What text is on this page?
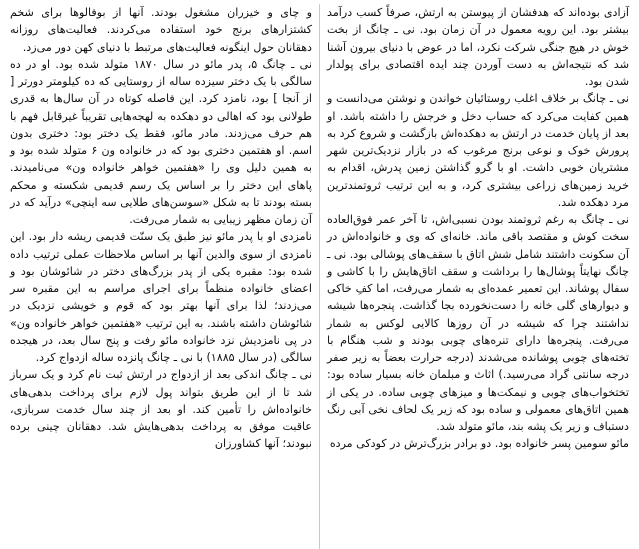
آزادی بوده‌اند که هدفشان از پیوستن به ارتش، صرفاً کسب درآمد بیشتر بود. این رویه معمول در آن زمان بود. نی ـ چانگ از بخت خوش در هیچ جنگی شرکت نکرد، اما در عوض با دنیای بیرون آشنا شد که نتیجه‌اش به دست آوردن چند ایده اقتصادی برای پولدار شدن بود.

نی ـ چانگ بر خلاف اغلب روستائیان خواندن و نوشتن می‌دانست و همین کفایت می‌کرد که حساب دخل و خرجش را داشته باشد. او بعد از پایان خدمت در ارتش به دهکده‌اش بازگشت و شروع کرد به پرورش خوک و نوعی برنج مرغوب که در بازار نزدیک‌ترین شهر مشتریان خوبی داشت. او با گرو گذاشتن زمین پدرش، اقدام به خرید زمین‌های زراعی بیشتری کرد، و به این ترتیب ثروتمندترین مرد دهکده شد.

نی ـ چانگ به رغم ثروتمند بودن نسبی‌اش، تا آخر عمر فوق‌العاده سخت کوش و مقتصد باقی ماند. خانه‌ای که وی و خانواده‌اش در آن سکونت داشتند شامل شش اتاق با سقف‌های پوشالی بود. نی ـ چانگ نهایتاً پوشال‌ها را برداشت و سقف اتاق‌هایش را با کاشی و سفال پوشاند. این تعمیر عمده‌ای به شمار می‌رفت، اما کفِ خاکی و دیوارهای گلی خانه را دست‌نخورده بجا گذاشت. پنجره‌ها شیشه نداشتند چرا که شیشه در آن روزها کالایی لوکس به شمار می‌رفت. پنجره‌ها دارای تنره‌های چوبی بودند و شب هنگام با تخته‌های چوبی پوشانده می‌شدند (درجه حرارت بعضاً به زیر صفر درجه سانتی گراد می‌رسید.) اثاث و مبلمان خانه بسیار ساده بود: تختخواب‌های چوبی و نیمکت‌ها و میزهای چوبی ساده. در یکی از همین اتاق‌های معمولی و ساده بود که زیر یک لحاف نخی آبی رنگ دستباف و زیر یک پشه بند، مائو متولد شد.

مائو سومین پسر خانواده بود. دو برادر بزرگ‌ترش در کودکی مرده

و چای و خیزران مشغول بودند. آنها از بوفالوها برای شخم کشتزارهای برنج خود استفاده می‌کردند. فعالیت‌های روزانه دهقانان حول اینگونه فعالیت‌های مرتبط با دنیای کهن دور می‌زد.

نی ـ چانگ ۵، پدر مائو در سال ۱۸۷۰ متولد شده بود. او در ده سالگی با یک دختر سیزده ساله از روستایی که ده کیلومتر دورتر [ از آنجا ] بود، نامزد کرد. این فاصله کوتاه در آن سال‌ها به قدری طولانی بود که اهالی دو دهکده به لهجه‌هایی تقریباً غیرقابل فهم با هم حرف می‌زدند. مادر مائو، فقط یک دختر بود: دختری بدون اسم. او هفتمین دختری بود که در خانواده ون ۶ متولد شده بود و به همین دلیل وی را «هفتمین خواهر خانواده ون» می‌نامیدند. پاهای این دختر را بر اساس یک رسم قدیمی شکسته و محکم بسته بودند تا به شکل «سوسن‌های طلایی سه اینچی» درآید که در آن زمان مظهر زیبایی به شمار می‌رفت.

نامزدی او با پدر مائو نیز طبق یک سنّت قدیمی ریشه دار بود. این نامزدی از سوی والدین آنها بر اساس ملاحظات عملی ترتیب داده شده بود: مقبره یکی از پدر بزرگ‌های دختر در شائوشان بود و اعضای خانواده منظماً برای اجرای مراسم به این مقبره سر می‌زدند؛ لذا برای آنها بهتر بود که قوم و خویشی نزدیک در شائوشان داشته باشند. به این ترتیب «هفتمین خواهر خانواده ون» در پی نامزدیش نزد خانواده مائو رفت و پنج سال بعد، در هیجده سالگی (در سال ۱۸۸۵) با نی ـ چانگ پانزده ساله ازدواج کرد.

نی ـ چانگ اندکی بعد از ازدواج در ارتش ثبت نام کرد و یک سرباز شد تا از این طریق بتواند پول لازم برای پرداخت بدهی‌های خانواده‌اش را تأمین کند. او بعد از چند سال خدمت سربازی، عاقبت موفق به پرداخت بدهی‌هایش شد. دهقانان چینی برده نبودند؛ آنها کشاورزان
